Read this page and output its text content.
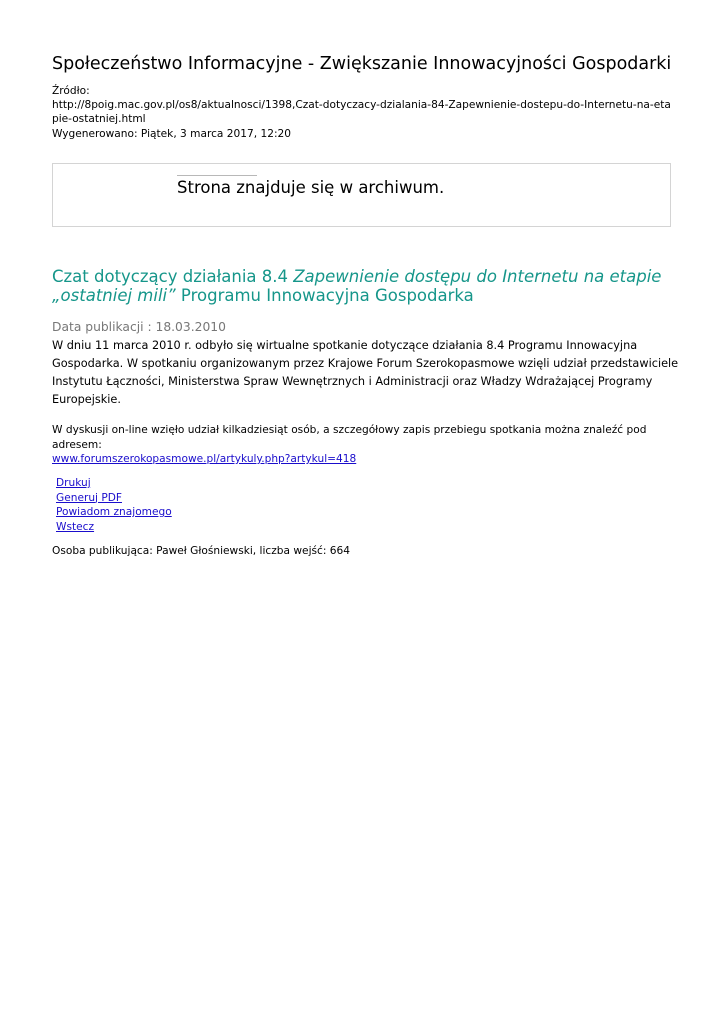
Społeczeństwo Informacyjne - Zwiększanie Innowacyjności Gospodarki
Źródło:
http://8poig.mac.gov.pl/os8/aktualnosci/1398,Czat-dotyczacy-dzialania-84-Zapewnienie-dostepu-do-Internetu-na-etapie-ostatniej.html
Wygenerowano: Piątek, 3 marca 2017, 12:20
Strona znajduje się w archiwum.
Czat dotyczący działania 8.4 Zapewnienie dostępu do Internetu na etapie „ostatniej mili” Programu Innowacyjna Gospodarka
Data publikacji : 18.03.2010
W dniu 11 marca 2010 r. odbyło się wirtualne spotkanie dotyczące działania 8.4 Programu Innowacyjna Gospodarka. W spotkaniu organizowanym przez Krajowe Forum Szerokopasmowe wzięli udział przedstawiciele Instytutu Łączności, Ministerstwa Spraw Wewnętrznych i Administracji oraz Władzy Wdrażającej Programy Europejskie.
W dyskusji on-line wzięło udział kilkadziesiąt osób, a szczegółowy zapis przebiegu spotkania można znaleźć pod adresem:
www.forumszerokopasmowe.pl/artykuly.php?artykul=418
Drukuj
Generuj PDF
Powiadom znajomego
Wstecz
Osoba publikująca: Paweł Głośniewski, liczba wejść: 664
